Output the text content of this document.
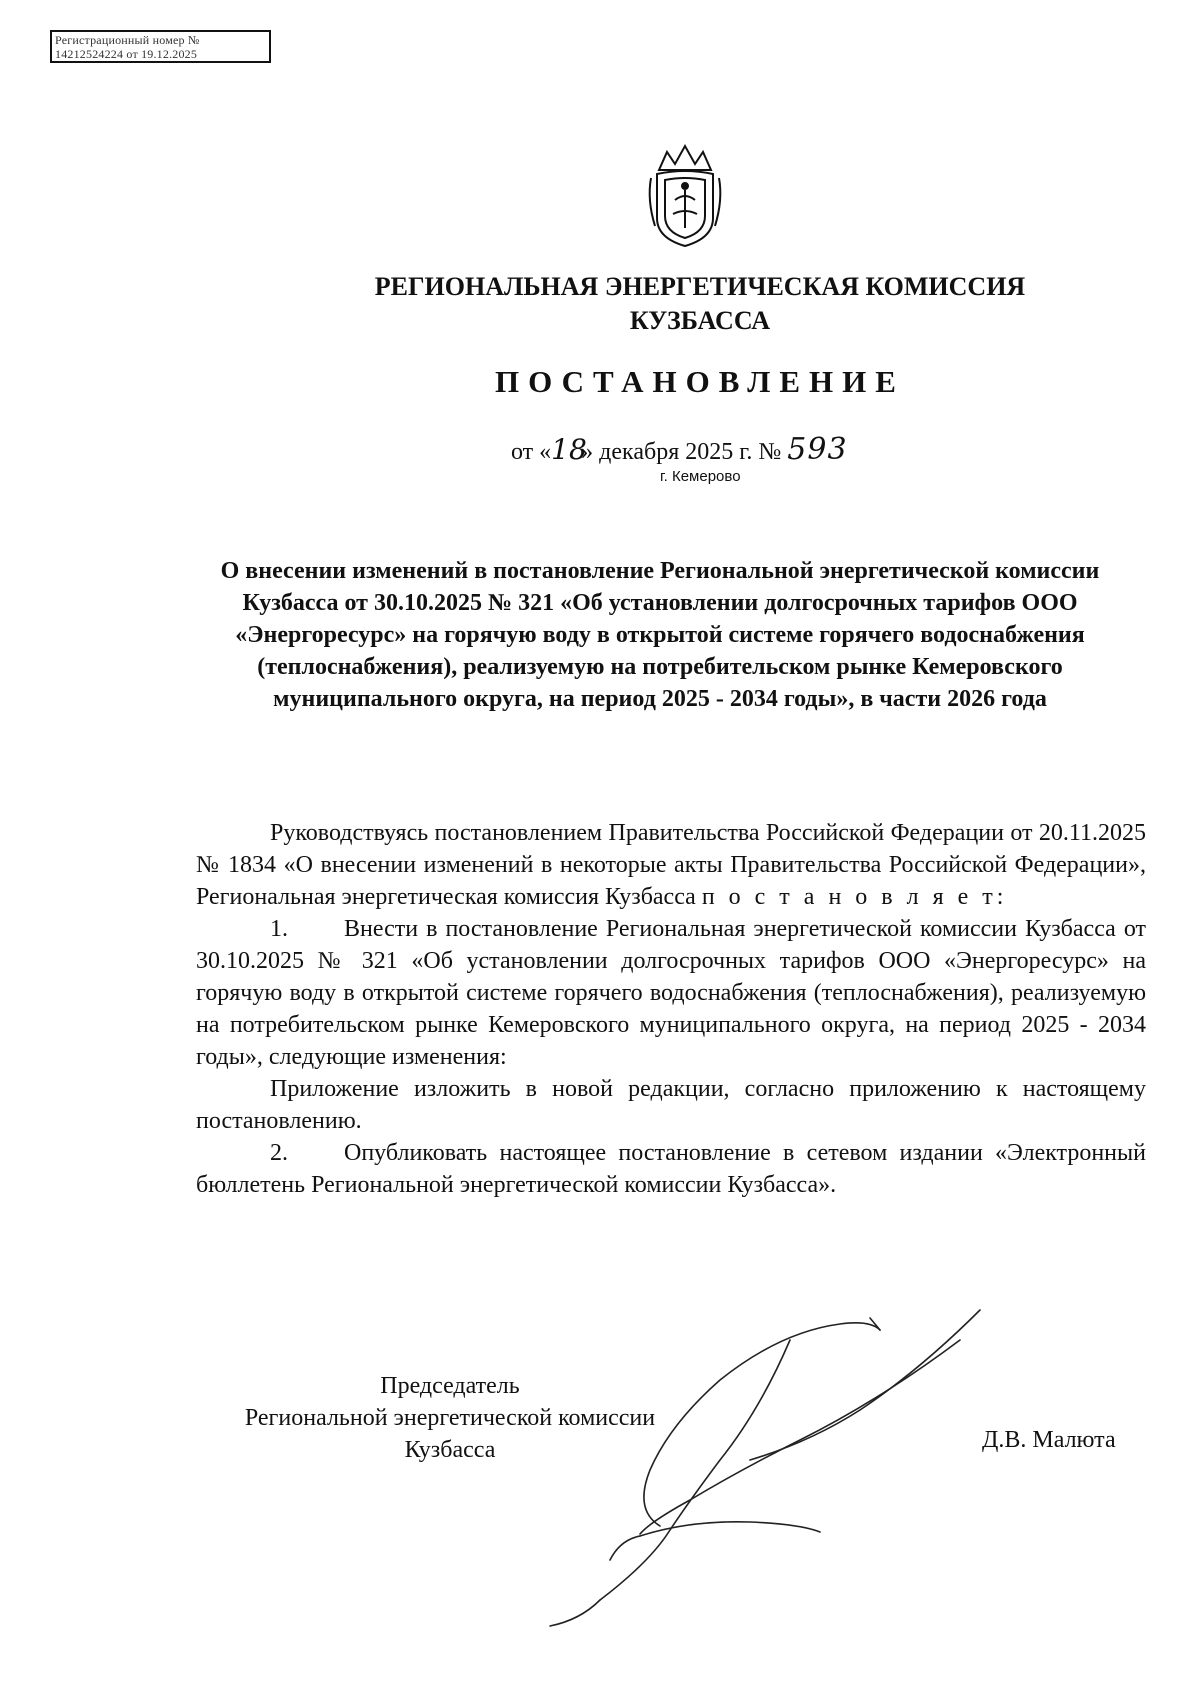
Регистрационный номер №
14212524224 от 19.12.2025
РЕГИОНАЛЬНАЯ ЭНЕРГЕТИЧЕСКАЯ КОМИССИЯ
КУЗБАССА
ПОСТАНОВЛЕНИЕ
от «18» декабря 2025 г. № 593
г. Кемерово
О внесении изменений в постановление Региональной энергетической комиссии Кузбасса от 30.10.2025 № 321 «Об установлении долгосрочных тарифов ООО «Энергоресурс» на горячую воду в открытой системе горячего водоснабжения (теплоснабжения), реализуемую на потребительском рынке Кемеровского муниципального округа, на период 2025 - 2034 годы», в части 2026 года

Руководствуясь постановлением Правительства Российской Федерации от 20.11.2025 № 1834 «О внесении изменений в некоторые акты Правительства Российской Федерации», Региональная энергетическая комиссия Кузбасса п о с т а н о в л я е т:

1. Внести в постановление Региональная энергетической комиссии Кузбасса от 30.10.2025 № 321 «Об установлении долгосрочных тарифов ООО «Энергоресурс» на горячую воду в открытой системе горячего водоснабжения (теплоснабжения), реализуемую на потребительском рынке Кемеровского муниципального округа, на период 2025 - 2034 годы», следующие изменения:

Приложение изложить в новой редакции, согласно приложению к настоящему постановлению.

2. Опубликовать настоящее постановление в сетевом издании «Электронный бюллетень Региональной энергетической комиссии Кузбасса».

Председатель
Региональной энергетической комиссии
Кузбасса	Д.В. Малюта
